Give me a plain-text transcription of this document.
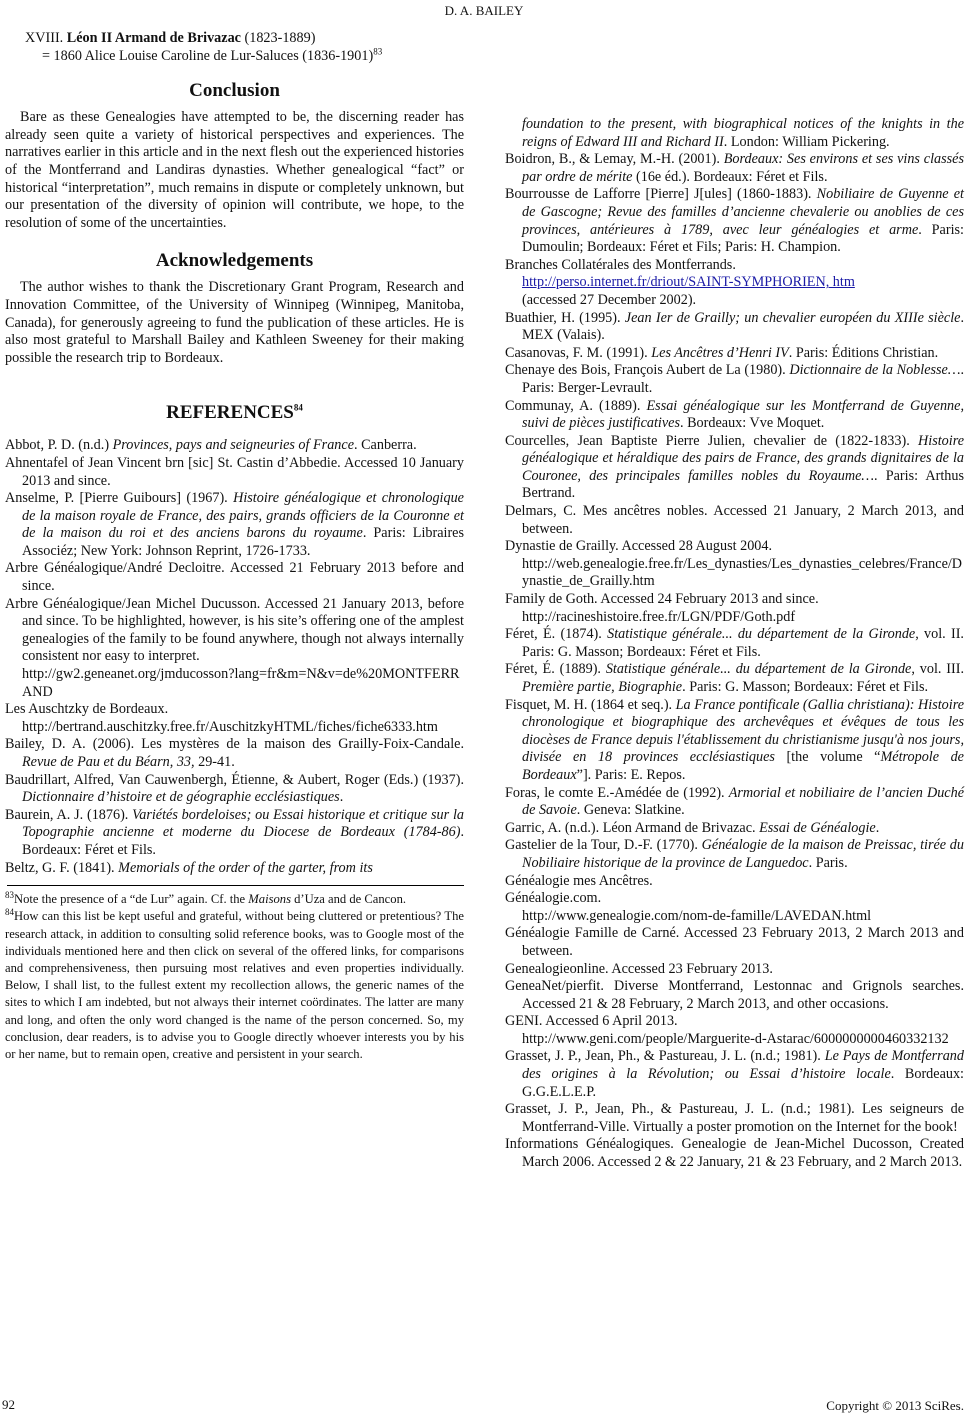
D. A. BAILEY
XVIII. Léon II Armand de Brivazac (1823-1889)
= 1860 Alice Louise Caroline de Lur-Saluces (1836-1901)$^{83}$
Conclusion

Bare as these Genealogies have attempted to be, the discerning reader has already seen quite a variety of historical perspectives and experiences. The narratives earlier in this article and in the next flesh out the experienced histories of the Montferrand and Landiras dynasties. Whether genealogical “fact” or historical “interpretation”, much remains in dispute or completely unknown, but our presentation of the diversity of opinion will contribute, we hope, to the resolution of some of the uncertainties.

Acknowledgements

The author wishes to thank the Discretionary Grant Program, Research and Innovation Committee, of the University of Winnipeg (Winnipeg, Manitoba, Canada), for generously agreeing to fund the publication of these articles. He is also most grateful to Marshall Bailey and Kathleen Sweeney for their making possible the research trip to Bordeaux.

REFERENCES$^{84}$

Abbot, P. D. (n.d.) Provinces, pays and seigneuries of France. Canberra.

Ahnentafel of Jean Vincent brn [sic] St. Castin d’Abbedie. Accessed 10 January 2013 and since.

Anselme, P. [Pierre Guibours] (1967). Histoire généalogique et chronologique de la maison royale de France, des pairs, grands officiers de la Couronne et de la maison du roi et des anciens barons du royaume. Paris: Libraires Associéz; New York: Johnson Reprint, 1726-1733.

Arbre Généalogique/André Decloitre. Accessed 21 February 2013 before and since.

Arbre Généalogique/Jean Michel Ducusson. Accessed 21 January 2013, before and since. To be highlighted, however, is his site’s offering one of the amplest genealogies of the family to be found anywhere, though not always internally consistent nor easy to interpret.
http://gw2.geneanet.org/jmducosson?lang=fr&m=N&v=de%20MONTFERRAND

Les Auschtzky de Bordeaux.
http://bertrand.auschitzky.free.fr/AuschitzkyHTML/fiches/fiche6333.htm

Bailey, D. A. (2006). Les mystères de la maison des Grailly-Foix-Candale. Revue de Pau et du Béarn, 33, 29-41.

Baudrillart, Alfred, Van Cauwenbergh, Étienne, & Aubert, Roger (Eds.) (1937). Dictionnaire d’histoire et de géographie ecclésiastiques.

Baurein, A. J. (1876). Variétés bordeloises; ou Essai historique et critique sur la Topographie ancienne et moderne du Diocese de Bordeaux (1784-86). Bordeaux: Féret et Fils.

Beltz, G. F. (1841). Memorials of the order of the garter, from its

$^{83}$Note the presence of a “de Lur” again. Cf. the Maisons d’Uza and de Cancon.

$^{84}$How can this list be kept useful and grateful, without being cluttered or pretentious? The research attack, in addition to consulting solid reference books, was to Google most of the individuals mentioned here and then click on several of the offered links, for comparisons and comprehensiveness, then pursuing most relatives and even properties individually. Below, I shall list, to the fullest extent my recollection allows, the generic names of the sites to which I am indebted, but not always their internet coördinates. The latter are many and long, and often the only word changed is the name of the person concerned. So, my conclusion, dear readers, is to advise you to Google directly whoever interests you by his or her name, but to remain open, creative and persistent in your search.

foundation to the present, with biographical notices of the knights in the reigns of Edward III and Richard II. London: William Pickering.

Boidron, B., & Lemay, M.-H. (2001). Bordeaux: Ses environs et ses vins classés par ordre de mérite (16e éd.). Bordeaux: Féret et Fils.

Bourrousse de Lafforre [Pierre] J[ules] (1860-1883). Nobiliaire de Guyenne et de Gascogne; Revue des familles d’ancienne chevalerie ou anoblies de ces provinces, antérieures à 1789, avec leur généalogies et arme. Paris: Dumoulin; Bordeaux: Féret et Fils; Paris: H. Champion.

Branches Collatérales des Montferrands.
http://perso.internet.fr/driout/SAINT-SYMPHORIEN, htm
(accessed 27 December 2002).

Buathier, H. (1995). Jean Ier de Grailly; un chevalier européen du XIIIe siècle. MEX (Valais).

Casanovas, F. M. (1991). Les Ancêtres d’Henri IV. Paris: Éditions Christian.

Chenaye des Bois, François Aubert de La (1980). Dictionnaire de la Noblesse…. Paris: Berger-Levrault.

Communay, A. (1889). Essai généalogique sur les Montferrand de Guyenne, suivi de pièces justificatives. Bordeaux: Vve Moquet.

Courcelles, Jean Baptiste Pierre Julien, chevalier de (1822-1833). Histoire généalogique et héraldique des pairs de France, des grands dignitaires de la Couronee, des principales familles nobles du Royaume…. Paris: Arthus Bertrand.

Delmars, C. Mes ancêtres nobles. Accessed 21 January, 2 March 2013, and between.

Dynastie de Grailly. Accessed 28 August 2004.
http://web.genealogie.free.fr/Les_dynasties/Les_dynasties_celebres/France/Dynastie_de_Grailly.htm

Family de Goth. Accessed 24 February 2013 and since.
http://racineshistoire.free.fr/LGN/PDF/Goth.pdf

Féret, É. (1874). Statistique générale... du département de la Gironde, vol. II. Paris: G. Masson; Bordeaux: Féret et Fils.

Féret, É. (1889). Statistique générale... du département de la Gironde, vol. III. Première partie, Biographie. Paris: G. Masson; Bordeaux: Féret et Fils.

Fisquet, M. H. (1864 et seq.). La France pontificale (Gallia christiana): Histoire chronologique et biographique des archevêques et évêques de tous les diocèses de France depuis l'établissement du christianisme jusqu'à nos jours, divisée en 18 provinces ecclésiastiques [the volume “Métropole de Bordeaux”]. Paris: E. Repos.

Foras, le comte E.-Amédée de (1992). Armorial et nobiliaire de l’ancien Duché de Savoie. Geneva: Slatkine.

Garric, A. (n.d.). Léon Armand de Brivazac. Essai de Généalogie.

Gastelier de la Tour, D.-F. (1770). Généalogie de la maison de Preissac, tirée du Nobiliaire historique de la province de Languedoc. Paris.

Généalogie mes Ancêtres.

Généalogie.com.
http://www.genealogie.com/nom-de-famille/LAVEDAN.html

Généalogie Famille de Carné. Accessed 23 February 2013, 2 March 2013 and between.

Genealogieonline. Accessed 23 February 2013.

GeneaNet/pierfit. Diverse Montferrand, Lestonnac and Grignols searches. Accessed 21 & 28 February, 2 March 2013, and other occasions.

GENI. Accessed 6 April 2013.
http://www.geni.com/people/Marguerite-d-Astarac/6000000000460332132

Grasset, J. P., Jean, Ph., & Pastureau, J. L. (n.d.; 1981). Le Pays de Montferrand des origines à la Révolution; ou Essai d’histoire locale. Bordeaux: G.G.E.L.E.P.

Grasset, J. P., Jean, Ph., & Pastureau, J. L. (n.d.; 1981). Les seigneurs de Montferrand-Ville. Virtually a poster promotion on the Internet for the book!

Informations Généalogiques. Genealogie de Jean-Michel Ducosson, Created March 2006. Accessed 2 & 22 January, 21 & 23 February, and 2 March 2013.

92	Copyright © 2013 SciRes.
